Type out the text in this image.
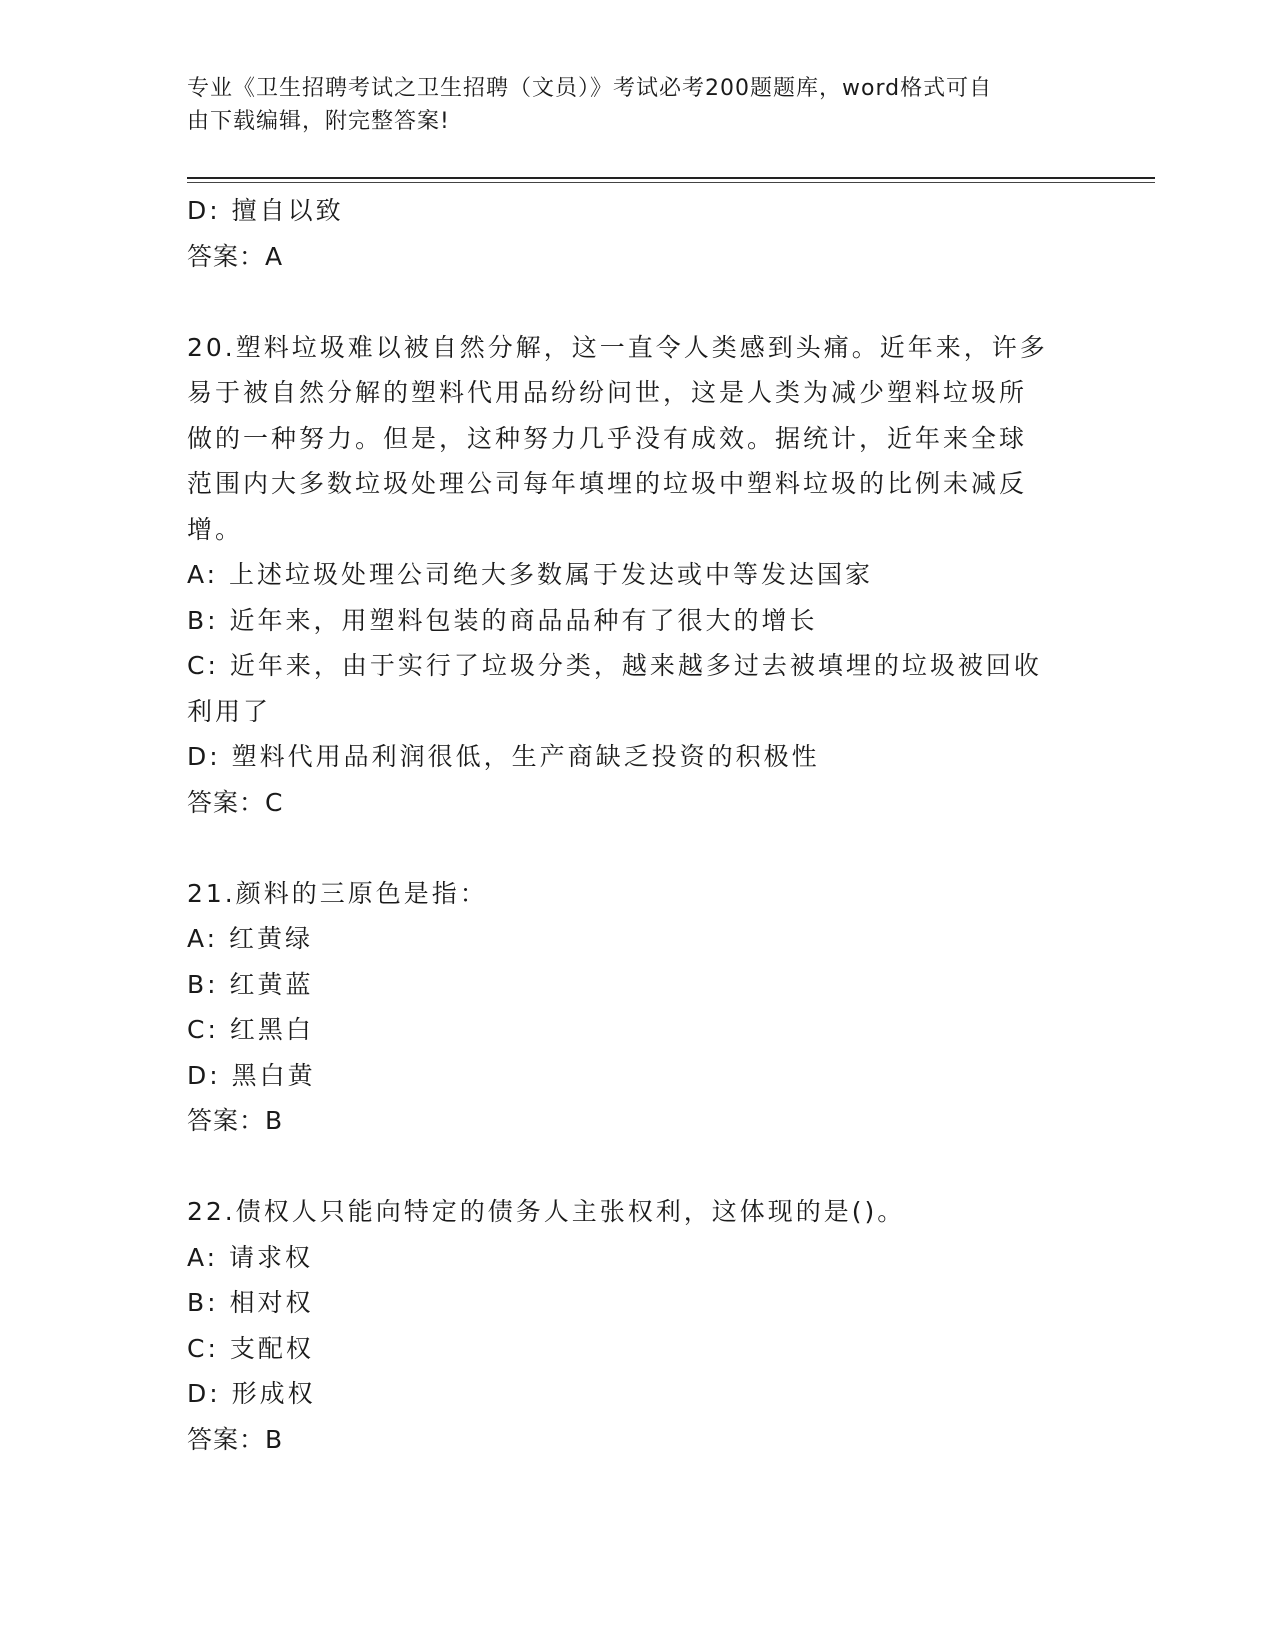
专业《卫生招聘考试之卫生招聘（文员）》考试必考200题题库，word格式可自
由下载编辑，附完整答案!
D: 擅自以致
答案：A
20.塑料垃圾难以被自然分解，这一直令人类感到头痛。近年来，许多
易于被自然分解的塑料代用品纷纷问世，这是人类为减少塑料垃圾所
做的一种努力。但是，这种努力几乎没有成效。据统计，近年来全球
范围内大多数垃圾处理公司每年填埋的垃圾中塑料垃圾的比例未减反
增。
A: 上述垃圾处理公司绝大多数属于发达或中等发达国家
B: 近年来，用塑料包装的商品品种有了很大的增长
C: 近年来，由于实行了垃圾分类，越来越多过去被填埋的垃圾被回收
利用了
D: 塑料代用品利润很低，生产商缺乏投资的积极性
答案：C
21.颜料的三原色是指：
A: 红黄绿
B: 红黄蓝
C: 红黑白
D: 黑白黄
答案：B
22.债权人只能向特定的债务人主张权利，这体现的是()。
A: 请求权
B: 相对权
C: 支配权
D: 形成权
答案：B
